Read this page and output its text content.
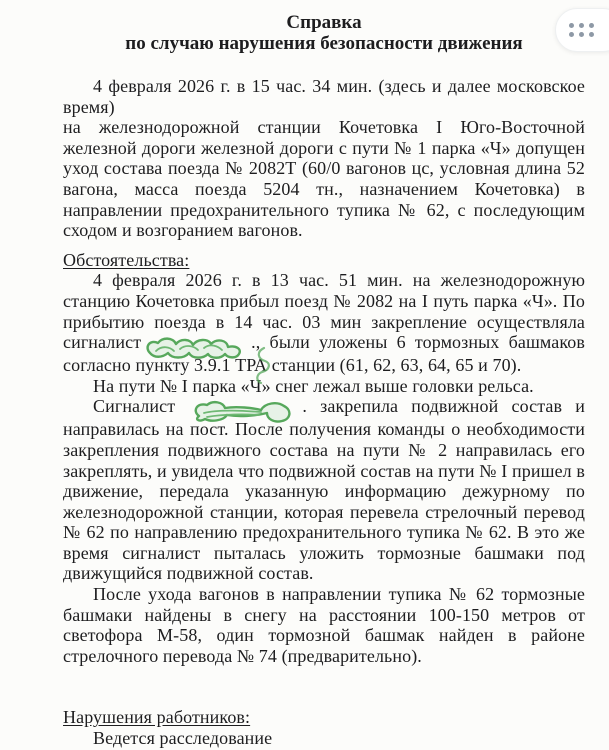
Справка
по случаю нарушения безопасности движения

4 февраля 2026 г. в 15 час. 34 мин. (здесь и далее московское время)

на железнодорожной станции Кочетовка I Юго-Восточной железной дороги железной дороги с пути № 1 парка «Ч» допущен уход состава поезда № 2082Т (60/0 вагонов цс, условная длина 52 вагона, масса поезда 5204 тн., назначением Кочетовка) в направлении предохранительного тупика № 62, с последующим сходом и возгоранием вагонов.

Обстоятельства:

4 февраля 2026 г. в 13 час. 51 мин. на железнодорожную станцию Кочетовка прибыл поезд № 2082 на I путь парка «Ч». По прибытию поезда в 14 час. 03 мин закрепление осуществляла сигналист	., были уложены 6 тормозных башмаков согласно пункту 3.9.1 ТРА станции (61, 62, 63, 64, 65 и 70).

На пути № I парка «Ч» снег лежал выше головки рельса.

Сигналист	. закрепила подвижной состав и направилась на пост. После получения команды о необходимости закрепления подвижного состава на пути № 2 направилась его закреплять, и увидела что подвижной состав на пути № I пришел в движение, передала указанную информацию дежурному по железнодорожной станции, которая перевела стрелочный перевод № 62 по направлению предохранительного тупика № 62. В это же время сигналист пыталась уложить тормозные башмаки под движущийся подвижной состав.

После ухода вагонов в направлении тупика № 62 тормозные башмаки найдены в снегу на расстоянии 100-150 метров от светофора М-58, один тормозной башмак найден в районе стрелочного перевода № 74 (предварительно).

Нарушения работников:

Ведется расследование
